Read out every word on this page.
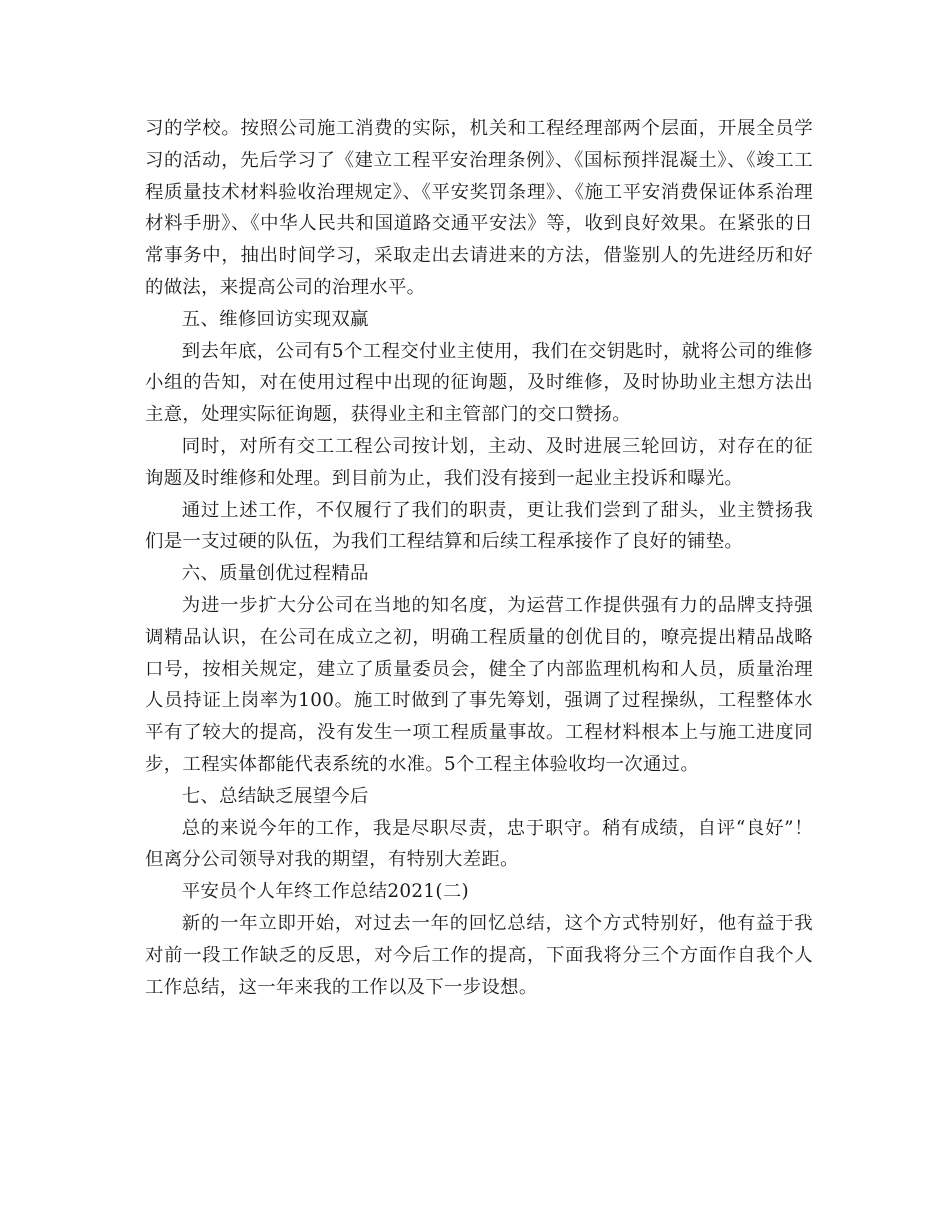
习的学校。按照公司施工消费的实际，机关和工程经理部两个层面，开展全员学习的活动，先后学习了《建立工程平安治理条例》、《国标预拌混凝土》、《竣工工程质量技术材料验收治理规定》、《平安奖罚条理》、《施工平安消费保证体系治理材料手册》、《中华人民共和国道路交通平安法》等，收到良好效果。在紧张的日常事务中，抽出时间学习，采取走出去请进来的方法，借鉴别人的先进经历和好的做法，来提高公司的治理水平。

五、维修回访实现双赢

到去年底，公司有5个工程交付业主使用，我们在交钥匙时，就将公司的维修小组的告知，对在使用过程中出现的征询题，及时维修，及时协助业主想方法出主意，处理实际征询题，获得业主和主管部门的交口赞扬。

同时，对所有交工工程公司按计划，主动、及时进展三轮回访，对存在的征询题及时维修和处理。到目前为止，我们没有接到一起业主投诉和曝光。

通过上述工作，不仅履行了我们的职责，更让我们尝到了甜头，业主赞扬我们是一支过硬的队伍，为我们工程结算和后续工程承接作了良好的铺垫。

六、质量创优过程精品

为进一步扩大分公司在当地的知名度，为运营工作提供强有力的品牌支持强调精品认识，在公司在成立之初，明确工程质量的创优目的，嘹亮提出精品战略口号，按相关规定，建立了质量委员会，健全了内部监理机构和人员，质量治理人员持证上岗率为100。施工时做到了事先筹划，强调了过程操纵，工程整体水平有了较大的提高，没有发生一项工程质量事故。工程材料根本上与施工进度同步，工程实体都能代表系统的水准。5个工程主体验收均一次通过。

七、总结缺乏展望今后

总的来说今年的工作，我是尽职尽责，忠于职守。稍有成绩，自评“良好”！但离分公司领导对我的期望，有特别大差距。

平安员个人年终工作总结2021(二)

新的一年立即开始，对过去一年的回忆总结，这个方式特别好，他有益于我对前一段工作缺乏的反思，对今后工作的提高，下面我将分三个方面作自我个人工作总结，这一年来我的工作以及下一步设想。
